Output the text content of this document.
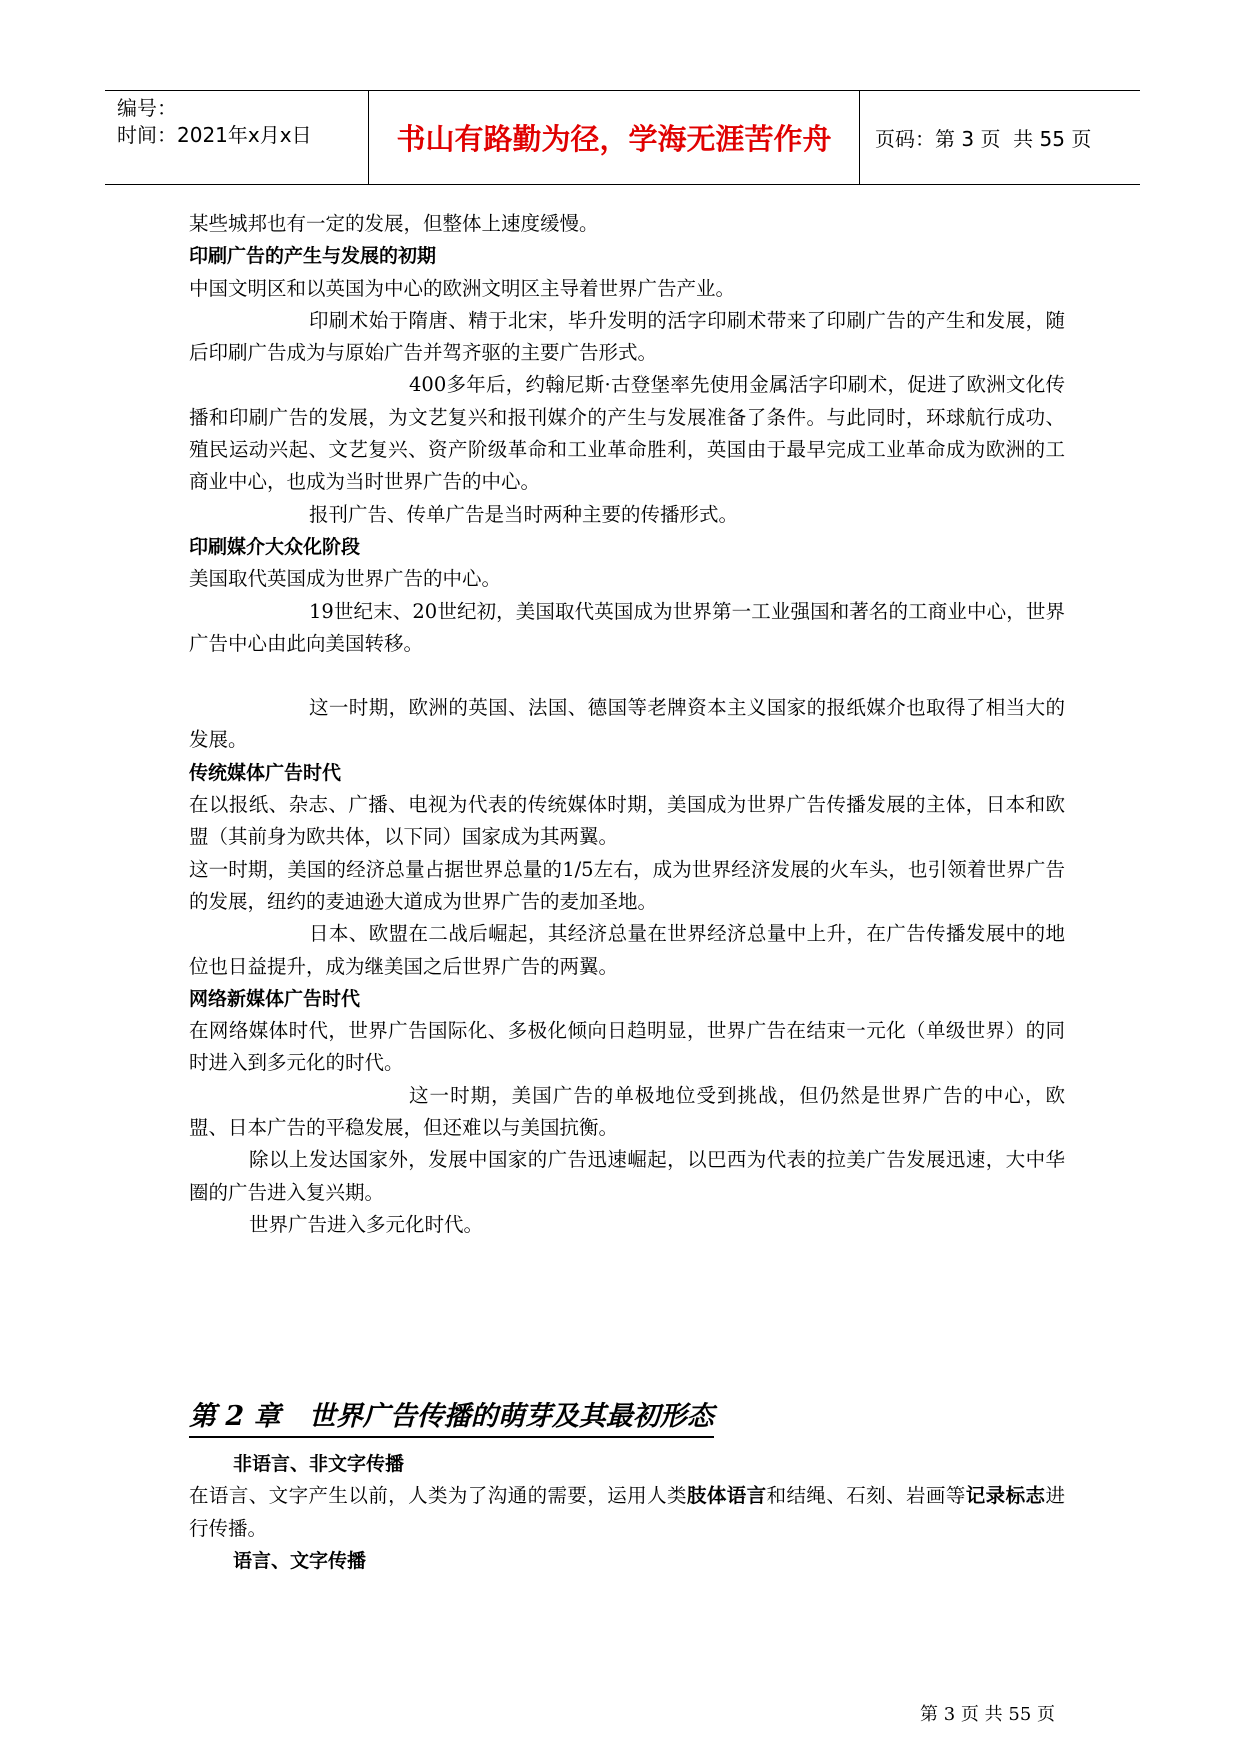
编号：
时间：2021年x月x日	书山有路勤为径，学海无涯苦作舟	页码：第 3 页  共 55 页

某些城邦也有一定的发展，但整体上速度缓慢。

印刷广告的产生与发展的初期

中国文明区和以英国为中心的欧洲文明区主导着世界广告产业。

印刷术始于隋唐、精于北宋，毕升发明的活字印刷术带来了印刷广告的产生和发展，随后印刷广告成为与原始广告并驾齐驱的主要广告形式。

400多年后，约翰尼斯·古登堡率先使用金属活字印刷术，促进了欧洲文化传播和印刷广告的发展，为文艺复兴和报刊媒介的产生与发展准备了条件。与此同时，环球航行成功、殖民运动兴起、文艺复兴、资产阶级革命和工业革命胜利，英国由于最早完成工业革命成为欧洲的工商业中心，也成为当时世界广告的中心。

报刊广告、传单广告是当时两种主要的传播形式。

印刷媒介大众化阶段

美国取代英国成为世界广告的中心。

19世纪末、20世纪初，美国取代英国成为世界第一工业强国和著名的工商业中心，世界广告中心由此向美国转移。

这一时期，欧洲的英国、法国、德国等老牌资本主义国家的报纸媒介也取得了相当大的发展。

传统媒体广告时代

在以报纸、杂志、广播、电视为代表的传统媒体时期，美国成为世界广告传播发展的主体，日本和欧盟（其前身为欧共体，以下同）国家成为其两翼。

这一时期，美国的经济总量占据世界总量的1/5左右，成为世界经济发展的火车头，也引领着世界广告的发展，纽约的麦迪逊大道成为世界广告的麦加圣地。

日本、欧盟在二战后崛起，其经济总量在世界经济总量中上升，在广告传播发展中的地位也日益提升，成为继美国之后世界广告的两翼。

网络新媒体广告时代

在网络媒体时代，世界广告国际化、多极化倾向日趋明显，世界广告在结束一元化（单级世界）的同时进入到多元化的时代。

这一时期，美国广告的单极地位受到挑战，但仍然是世界广告的中心，欧盟、日本广告的平稳发展，但还难以与美国抗衡。

除以上发达国家外，发展中国家的广告迅速崛起，以巴西为代表的拉美广告发展迅速，大中华圈的广告进入复兴期。

世界广告进入多元化时代。

第 2 章   世界广告传播的萌芽及其最初形态

非语言、非文字传播

在语言、文字产生以前，人类为了沟通的需要，运用人类肢体语言和结绳、石刻、岩画等记录标志进行传播。

语言、文字传播

第 3 页 共 55 页
